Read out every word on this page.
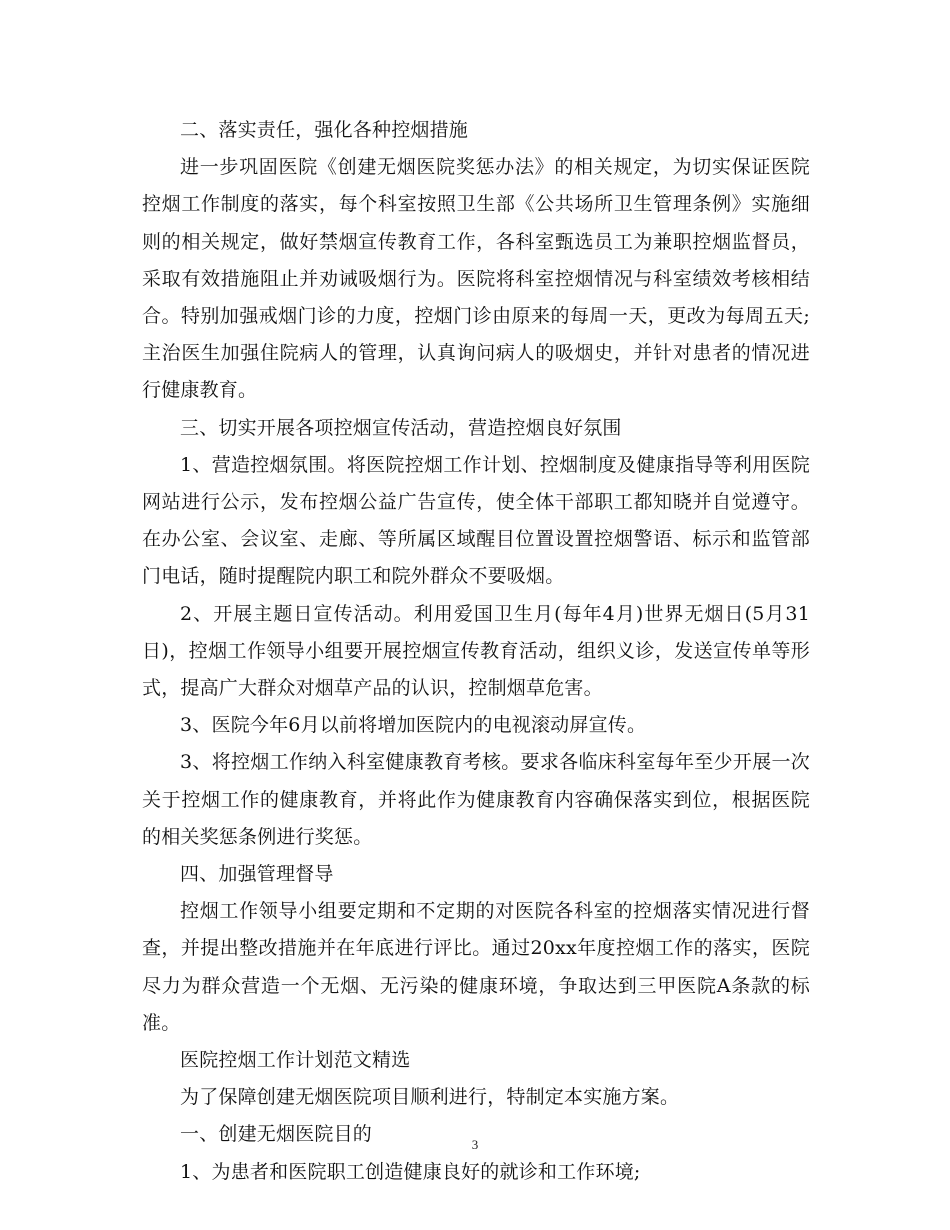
二、落实责任，强化各种控烟措施

进一步巩固医院《创建无烟医院奖惩办法》的相关规定，为切实保证医院控烟工作制度的落实，每个科室按照卫生部《公共场所卫生管理条例》实施细则的相关规定，做好禁烟宣传教育工作，各科室甄选员工为兼职控烟监督员，采取有效措施阻止并劝诫吸烟行为。医院将科室控烟情况与科室绩效考核相结合。特别加强戒烟门诊的力度，控烟门诊由原来的每周一天，更改为每周五天;主治医生加强住院病人的管理，认真询问病人的吸烟史，并针对患者的情况进行健康教育。

三、切实开展各项控烟宣传活动，营造控烟良好氛围

1、营造控烟氛围。将医院控烟工作计划、控烟制度及健康指导等利用医院网站进行公示，发布控烟公益广告宣传，使全体干部职工都知晓并自觉遵守。在办公室、会议室、走廊、等所属区域醒目位置设置控烟警语、标示和监管部门电话，随时提醒院内职工和院外群众不要吸烟。

2、开展主题日宣传活动。利用爱国卫生月(每年4月)世界无烟日(5月31日)，控烟工作领导小组要开展控烟宣传教育活动，组织义诊，发送宣传单等形式，提高广大群众对烟草产品的认识，控制烟草危害。

3、医院今年6月以前将增加医院内的电视滚动屏宣传。

3、将控烟工作纳入科室健康教育考核。要求各临床科室每年至少开展一次关于控烟工作的健康教育，并将此作为健康教育内容确保落实到位，根据医院的相关奖惩条例进行奖惩。

四、加强管理督导

控烟工作领导小组要定期和不定期的对医院各科室的控烟落实情况进行督查，并提出整改措施并在年底进行评比。通过20xx年度控烟工作的落实，医院尽力为群众营造一个无烟、无污染的健康环境，争取达到三甲医院A条款的标准。

医院控烟工作计划范文精选

为了保障创建无烟医院项目顺利进行，特制定本实施方案。

一、创建无烟医院目的

1、为患者和医院职工创造健康良好的就诊和工作环境;

3
